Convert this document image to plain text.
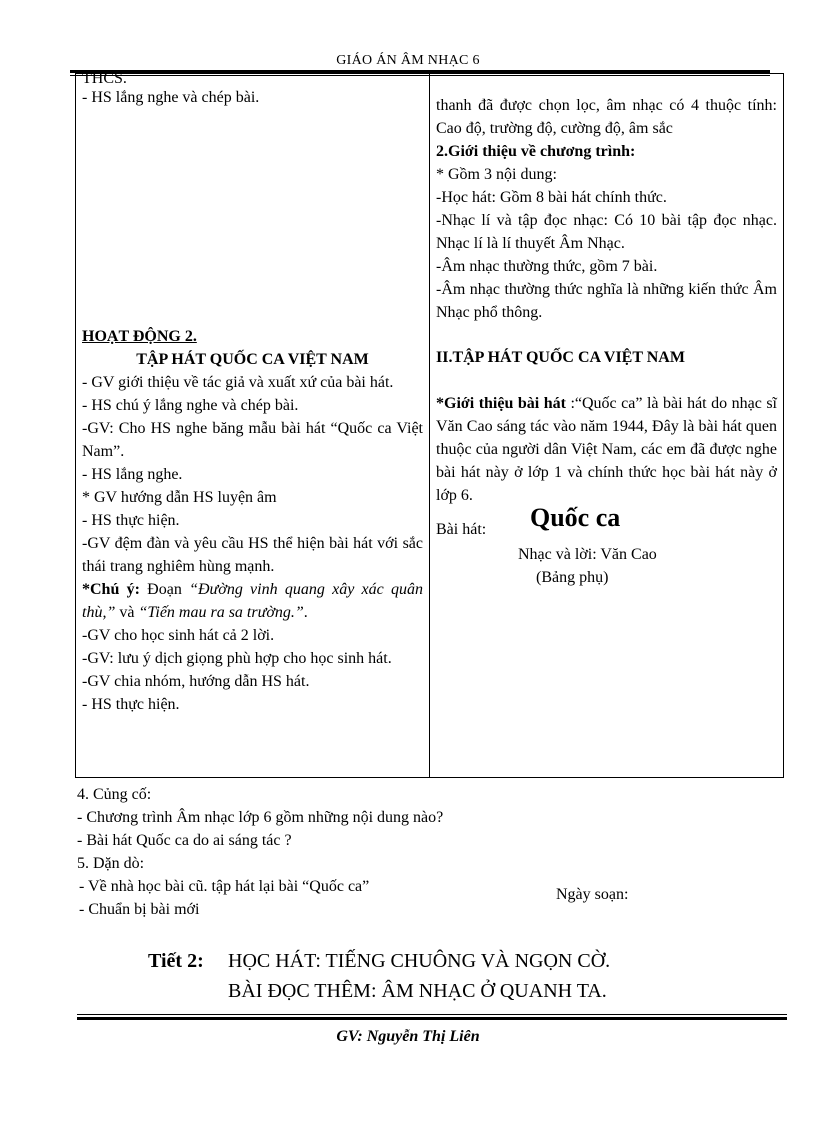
GIÁO ÁN ÂM NHẠC 6
THCS.
- HS lắng nghe và chép bài.
HOẠT ĐỘNG 2.
TẬP HÁT QUỐC CA VIỆT NAM
- GV giới thiệu về tác giả và xuất xứ của bài hát.
- HS chú ý lắng nghe và chép bài.
-GV: Cho HS nghe băng mẫu bài hát “Quốc ca Việt Nam”.
- HS lắng nghe.
* GV hướng dẫn HS luyện âm
- HS thực hiện.
-GV đệm đàn và yêu cầu HS thể hiện bài hát với sắc thái trang nghiêm hùng mạnh.
*Chú ý: Đoạn “Đường vinh quang xây xác quân thù,” và “Tiến mau ra sa trường.”.
-GV cho học sinh hát cả 2 lời.
-GV: lưu ý dịch giọng phù hợp cho học sinh hát.
-GV chia nhóm, hướng dẫn HS hát.
- HS thực hiện.

thanh đã được chọn lọc, âm nhạc có 4 thuộc tính: Cao độ, trường độ, cường độ, âm sắc
2.Giới thiệu về chương trình:
* Gồm 3 nội dung:
-Học hát: Gồm 8 bài hát chính thức.
-Nhạc lí và tập đọc nhạc: Có 10 bài tập đọc nhạc. Nhạc lí là lí thuyết Âm Nhạc.
-Âm nhạc thường thức, gồm 7 bài.
-Âm nhạc thường thức nghĩa là những kiến thức Âm Nhạc phổ thông.
II.TẬP HÁT QUỐC CA VIỆT NAM
*Giới thiệu bài hát :“Quốc ca” là bài hát do nhạc sĩ Văn Cao sáng tác vào năm 1944, Đây là bài hát quen thuộc của người dân Việt Nam, các em đã được nghe bài hát này ở lớp 1 và chính thức học bài hát này ở lớp 6.
Bài hát: Quốc ca
Nhạc và lời: Văn Cao
(Bảng phụ)
4. Củng cố:
- Chương trình Âm nhạc lớp 6 gồm những nội dung nào?
- Bài hát Quốc ca do ai sáng tác ?
5. Dặn dò:
- Về nhà học bài cũ. tập hát lại bài “Quốc ca”
- Chuẩn bị bài mới
Ngày soạn:
Tiết 2: HỌC HÁT: TIẾNG CHUÔNG VÀ NGỌN CỜ.
BÀI ĐỌC THÊM: ÂM NHẠC Ở QUANH TA.
GV: Nguyễn Thị Liên
